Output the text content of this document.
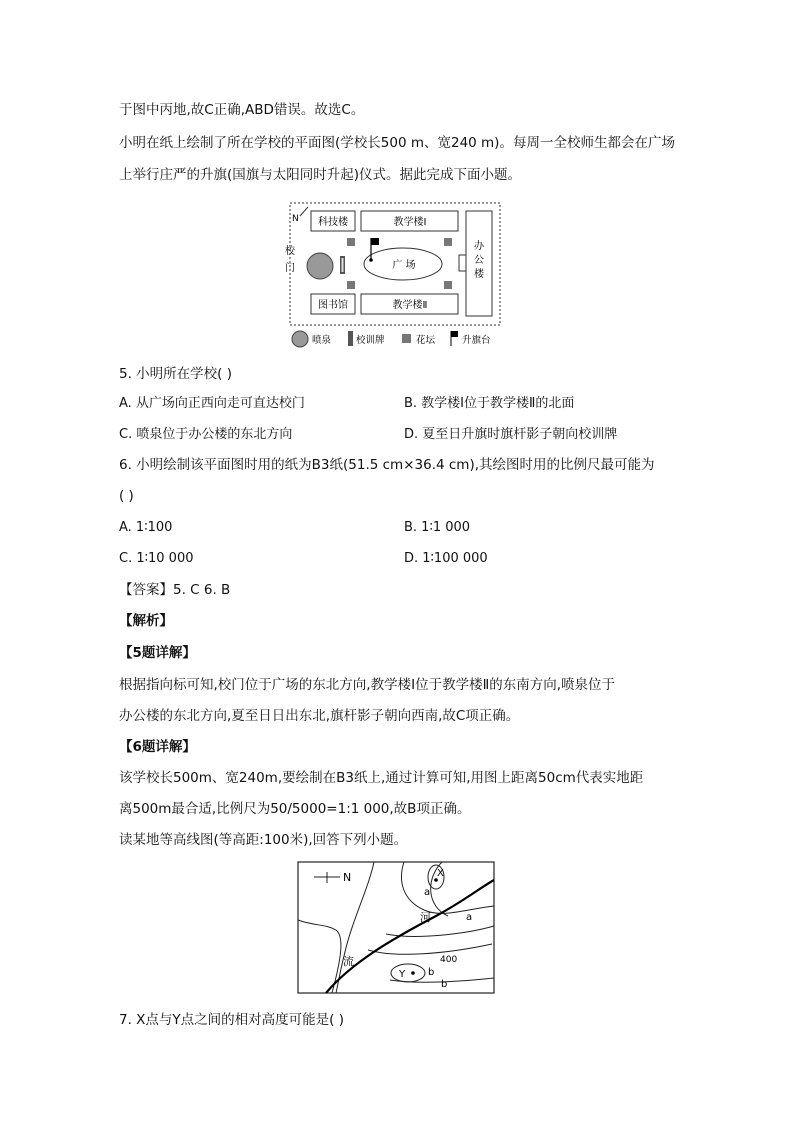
于图中丙地,故C正确,ABD错误。故选C。
小明在纸上绘制了所在学校的平面图(学校长500 m、宽240 m)。每周一全校师生都会在广场
上举行庄严的升旗(国旗与太阳同时升起)仪式。据此完成下面小题。
N 科技楼	教学楼Ⅰ
图书馆	教学楼Ⅱ
办
公
楼
校
门	广 场
喷泉	校训牌	花坛	升旗台
5. 小明所在学校( )
A. 从广场向正西向走可直达校门	B. 教学楼Ⅰ位于教学楼Ⅱ的北面
C. 喷泉位于办公楼的东北方向	D. 夏至日升旗时旗杆影子朝向校训牌
6. 小明绘制该平面图时用的纸为B3纸(51.5 cm×36.4 cm),其绘图时用的比例尺最可能为
( )
A. 1∶100	B. 1∶1 000
C. 1∶10 000	D. 1∶100 000
【答案】5. C 6. B
【解析】
【5题详解】
根据指向标可知,校门位于广场的东北方向,教学楼Ⅰ位于教学楼Ⅱ的东南方向,喷泉位于
办公楼的东北方向,夏至日日出东北,旗杆影子朝向西南,故C项正确。
【6题详解】
该学校长500m、宽240m,要绘制在B3纸上,通过计算可知,用图上距离50cm代表实地距
离500m最合适,比例尺为50/5000=1:1 000,故B项正确。
读某地等高线图(等高距:100米),回答下列小题。
N	X
a
a
河
流	400
Y b
b
7. X点与Y点之间的相对高度可能是( )
